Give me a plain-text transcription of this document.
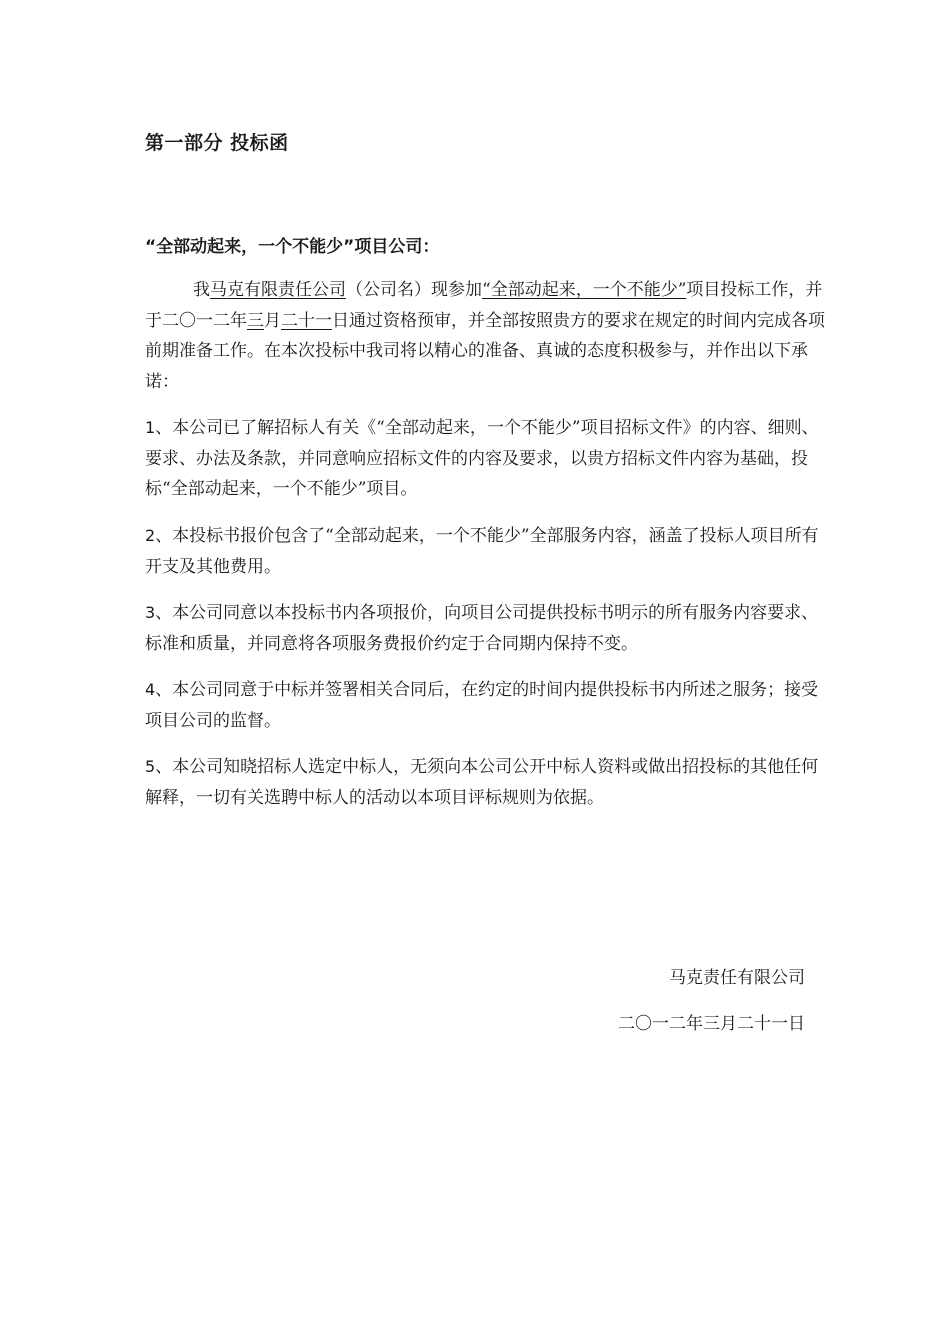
第一部分 投标函
“全部动起来，一个不能少”项目公司：
我马克有限责任公司（公司名）现参加“全部动起来，一个不能少”项目投标工作，并于二〇一二年三月二十一日通过资格预审，并全部按照贵方的要求在规定的时间内完成各项前期准备工作。在本次投标中我司将以精心的准备、真诚的态度积极参与，并作出以下承诺：
1、本公司已了解招标人有关《“全部动起来，一个不能少”项目招标文件》的内容、细则、要求、办法及条款，并同意响应招标文件的内容及要求，以贵方招标文件内容为基础，投标“全部动起来，一个不能少”项目。
2、本投标书报价包含了“全部动起来，一个不能少”全部服务内容，涵盖了投标人项目所有开支及其他费用。
3、本公司同意以本投标书内各项报价，向项目公司提供投标书明示的所有服务内容要求、标准和质量，并同意将各项服务费报价约定于合同期内保持不变。
4、本公司同意于中标并签署相关合同后，在约定的时间内提供投标书内所述之服务；接受项目公司的监督。
5、本公司知晓招标人选定中标人，无须向本公司公开中标人资料或做出招投标的其他任何解释，一切有关选聘中标人的活动以本项目评标规则为依据。
马克责任有限公司
二〇一二年三月二十一日
